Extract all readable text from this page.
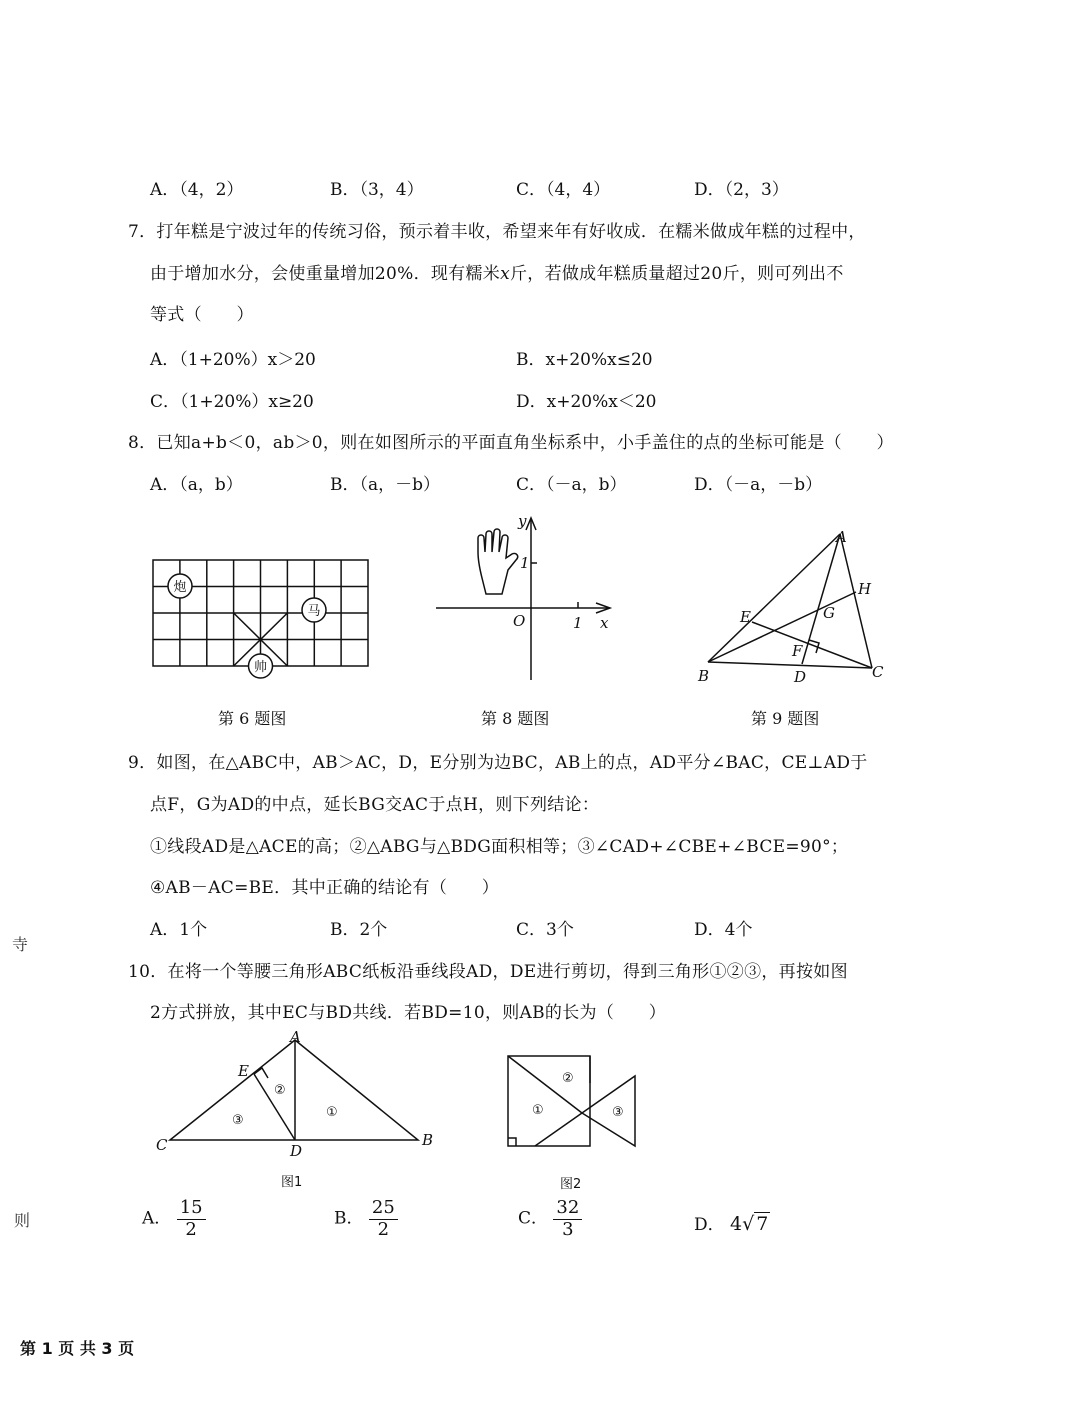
A．（4，2）	B．（3，4）	C．（4，4）	D．（2，3）
7．打年糕是宁波过年的传统习俗，预示着丰收，希望来年有好收成．在糯米做成年糕的过程中，
由于增加水分，会使重量增加20%．现有糯米x斤，若做成年糕质量超过20斤，则可列出不
等式（　　）
A．（1+20%）x＞20	B．x+20%x≤20
C．（1+20%）x≥20	D．x+20%x＜20
8．已知a+b＜0，ab＞0，则在如图所示的平面直角坐标系中，小手盖住的点的坐标可能是（　　）
A．（a，b）	B．（a，－b）	C．（－a，b）	D．（－a，－b）
炮
马
帅
y
x
O	1
1
A
B	C
D
E
F
G
H
第 6 题图	第 8 题图	第 9 题图
9．如图，在△ABC中，AB＞AC，D，E分别为边BC，AB上的点，AD平分∠BAC，CE⊥AD于
点F，G为AD的中点，延长BG交AC于点H，则下列结论：
①线段AD是△ACE的高；②△ABG与△BDG面积相等；③∠CAD+∠CBE+∠BCE=90°；
④AB－AC=BE．其中正确的结论有（　　）
A．1个	B．2个	C．3个	D．4个
10．在将一个等腰三角形ABC纸板沿垂线段AD，DE进行剪切，得到三角形①②③，再按如图
2方式拼放，其中EC与BD共线．若BD=10，则AB的长为（　　）
A
B
C	D
E
①
②
③
图1
②
①	③
图2
A． $\frac{15}{2}$	B． $\frac{25}{2}$	C． $\frac{32}{3}$	D． 4√ 7
寺
则
第 1 页 共 3 页
